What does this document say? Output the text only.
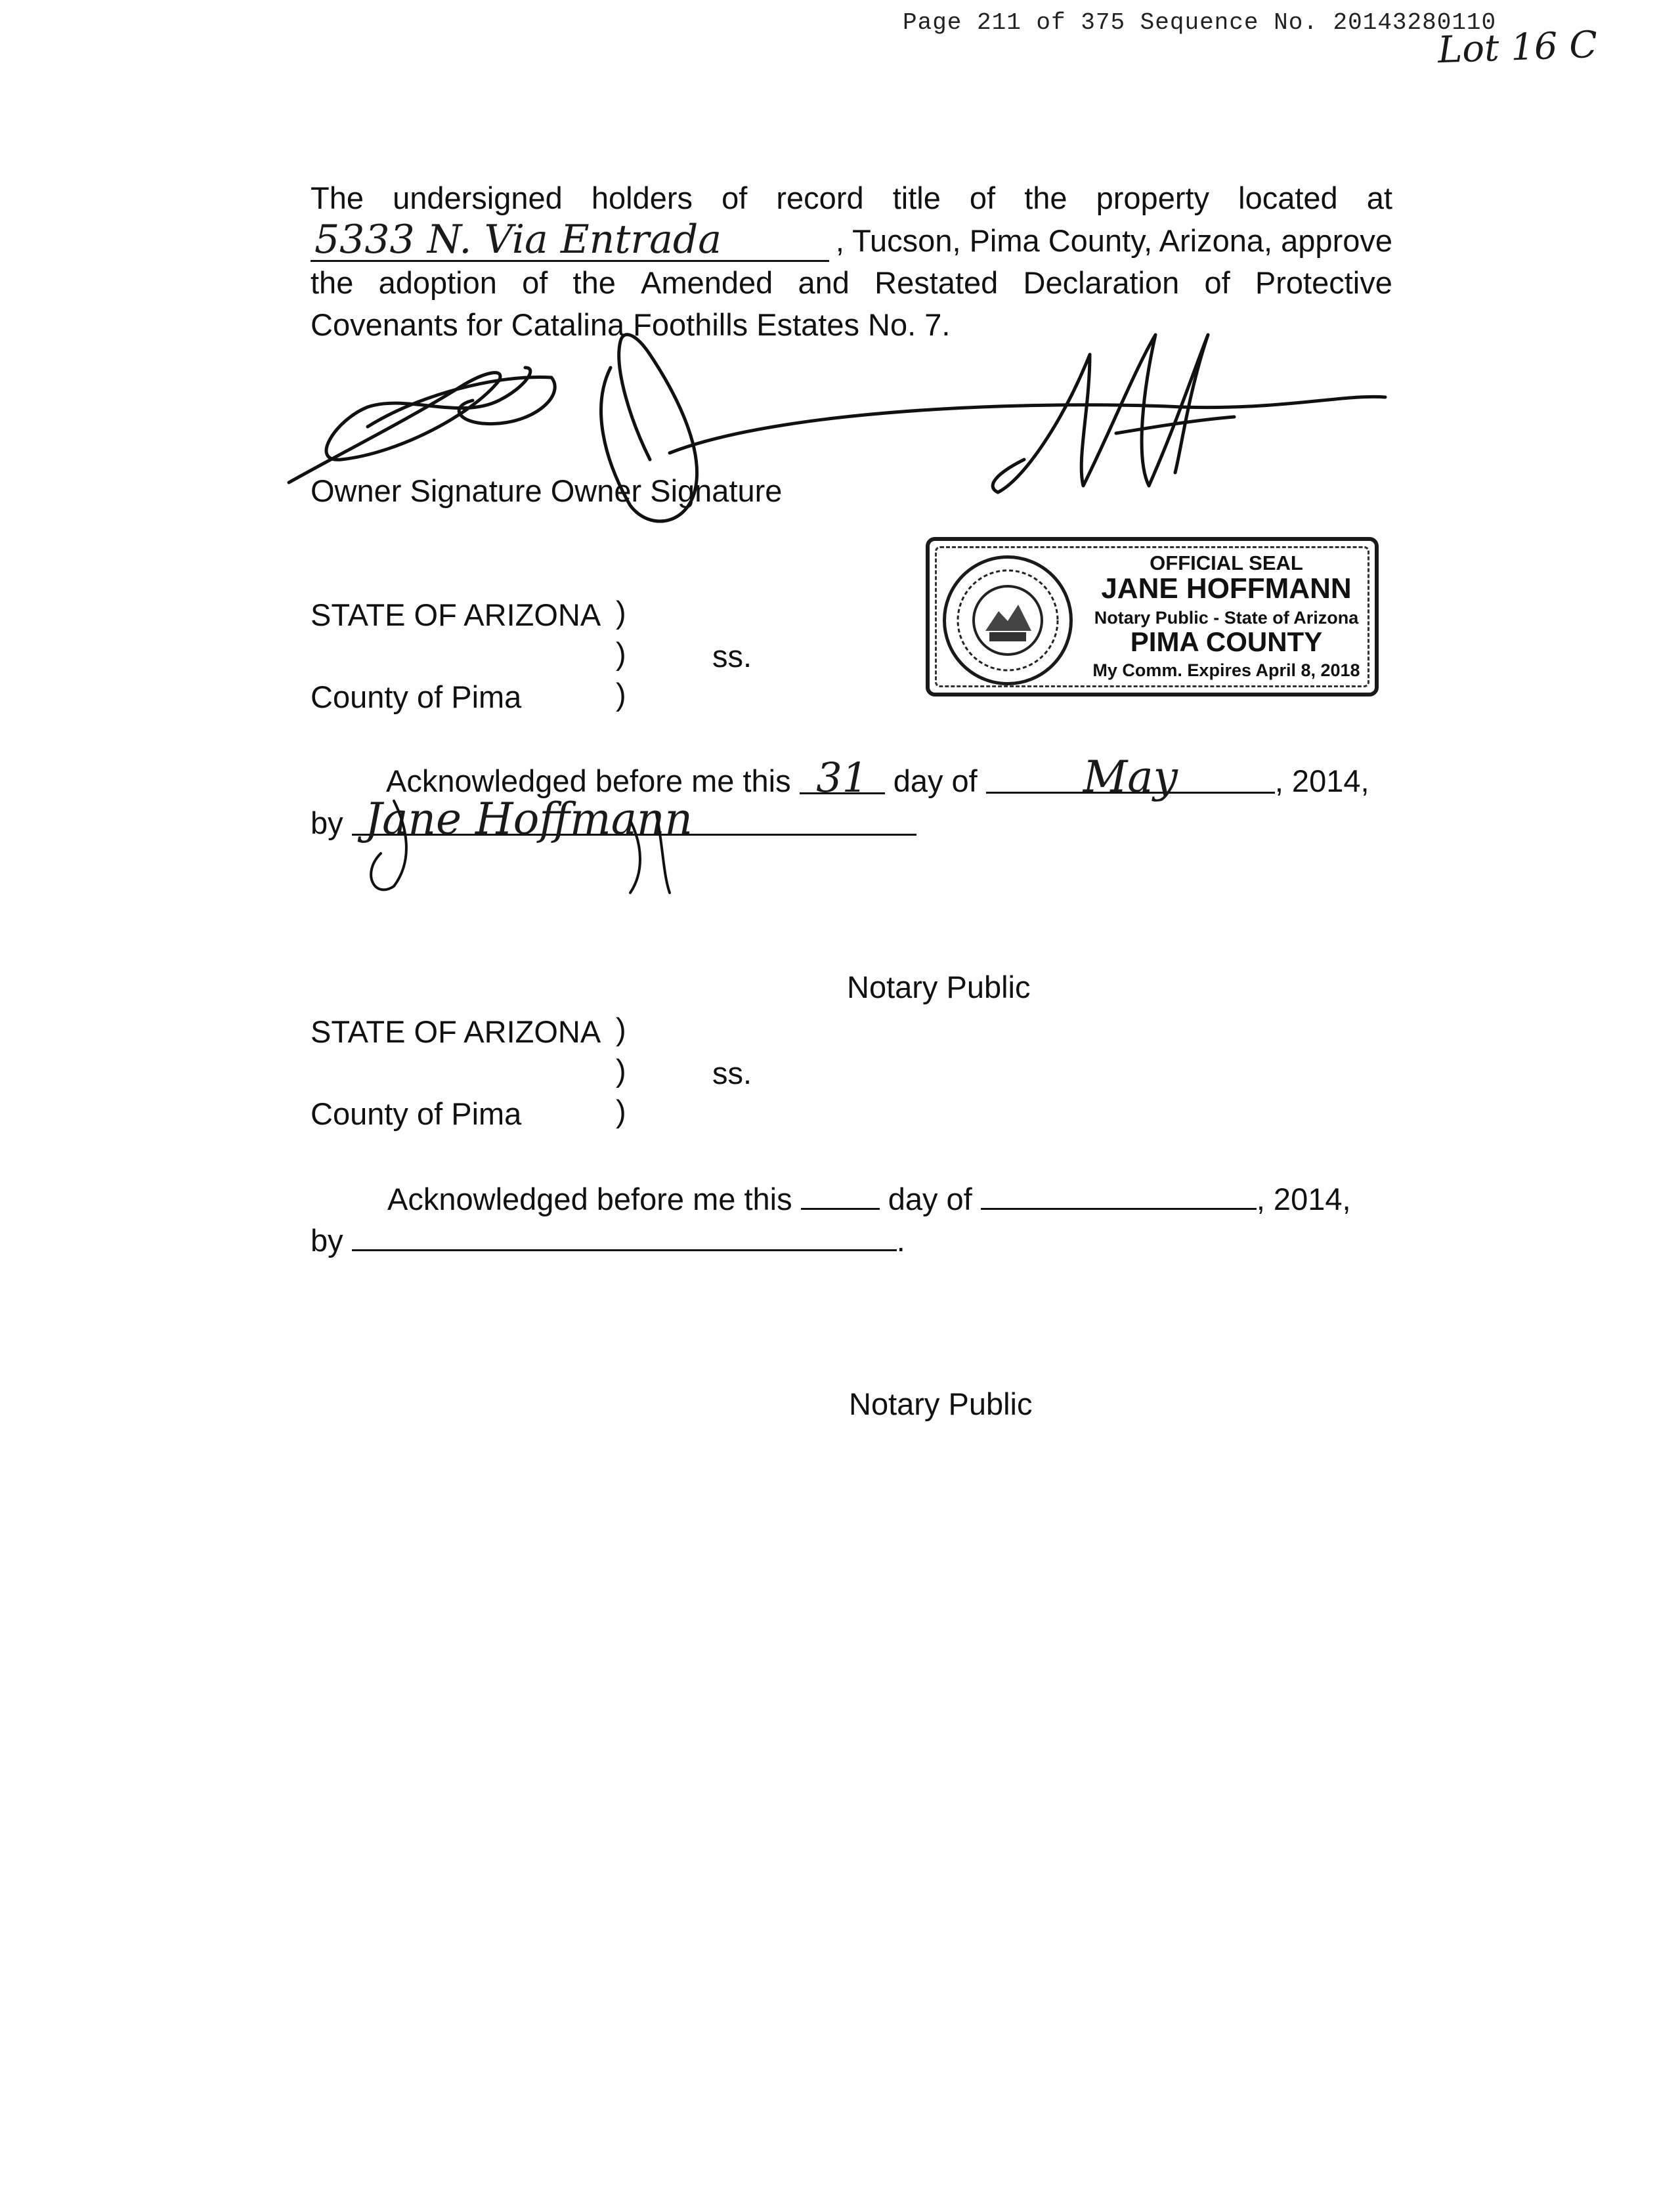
Page 211 of 375 Sequence No. 20143280110
Lot 16 C
The undersigned holders of record title of the property located at
5333 N. Via Entrada	, Tucson, Pima County, Arizona, approve
the adoption of the Amended and Restated Declaration of Protective
Covenants for Catalina Foothills Estates No. 7.
Owner Signature Owner Signature
OFFICIAL SEAL
JANE HOFFMANN
Notary Public - State of Arizona
PIMA COUNTY
My Comm. Expires April 8, 2018
STATE OF ARIZONA )
)	ss.
County of Pima	)
Acknowledged before me this 31 day of May	, 2014,
by Jane Hoffmann
Notary Public
STATE OF ARIZONA )
)	ss.
County of Pima	)
Acknowledged before me this	day of	, 2014,
by	.
Notary Public
